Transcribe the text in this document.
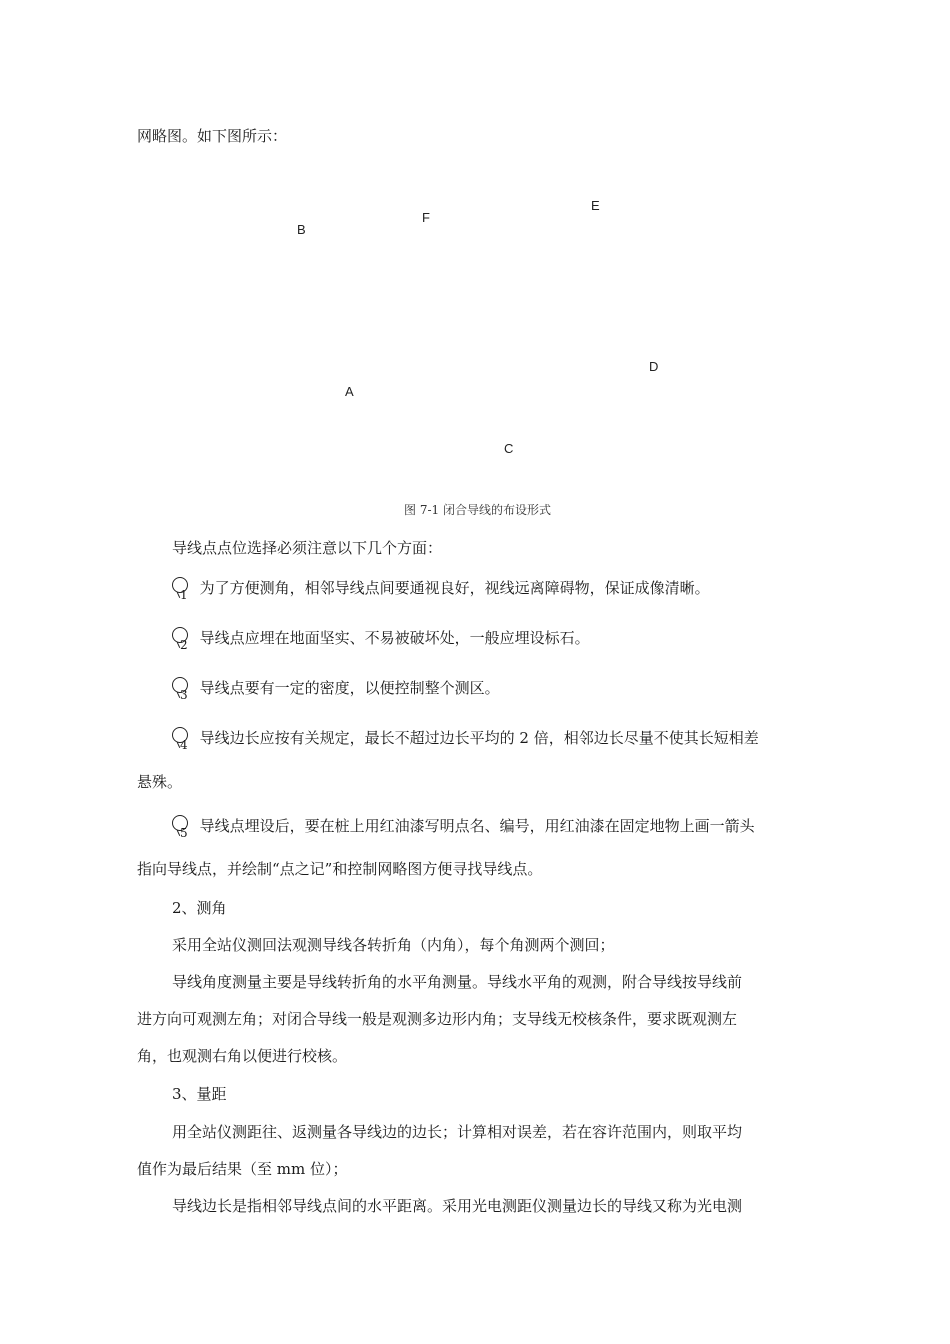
网略图。如下图所示：
B
F
E
D
A
C
图 7-1 闭合导线的布设形式
导线点点位选择必须注意以下几个方面：
$_1$ 为了方便测角，相邻导线点间要通视良好，视线远离障碍物，保证成像清晰。
$_2$ 导线点应埋在地面坚实、不易被破坏处，一般应埋设标石。
$_3$ 导线点要有一定的密度，以便控制整个测区。
$_4$ 导线边长应按有关规定，最长不超过边长平均的 2 倍，相邻边长尽量不使其长短相差
悬殊。
$_5$ 导线点埋设后，要在桩上用红油漆写明点名、编号，用红油漆在固定地物上画一箭头
指向导线点，并绘制“点之记”和控制网略图方便寻找导线点。
2、测角
采用全站仪测回法观测导线各转折角（内角），每个角测两个测回；
导线角度测量主要是导线转折角的水平角测量。导线水平角的观测，附合导线按导线前
进方向可观测左角；对闭合导线一般是观测多边形内角；支导线无校核条件，要求既观测左
角，也观测右角以便进行校核。
3、量距
用全站仪测距往、返测量各导线边的边长；计算相对误差，若在容许范围内，则取平均
值作为最后结果（至 mm 位）；
导线边长是指相邻导线点间的水平距离。采用光电测距仪测量边长的导线又称为光电测
